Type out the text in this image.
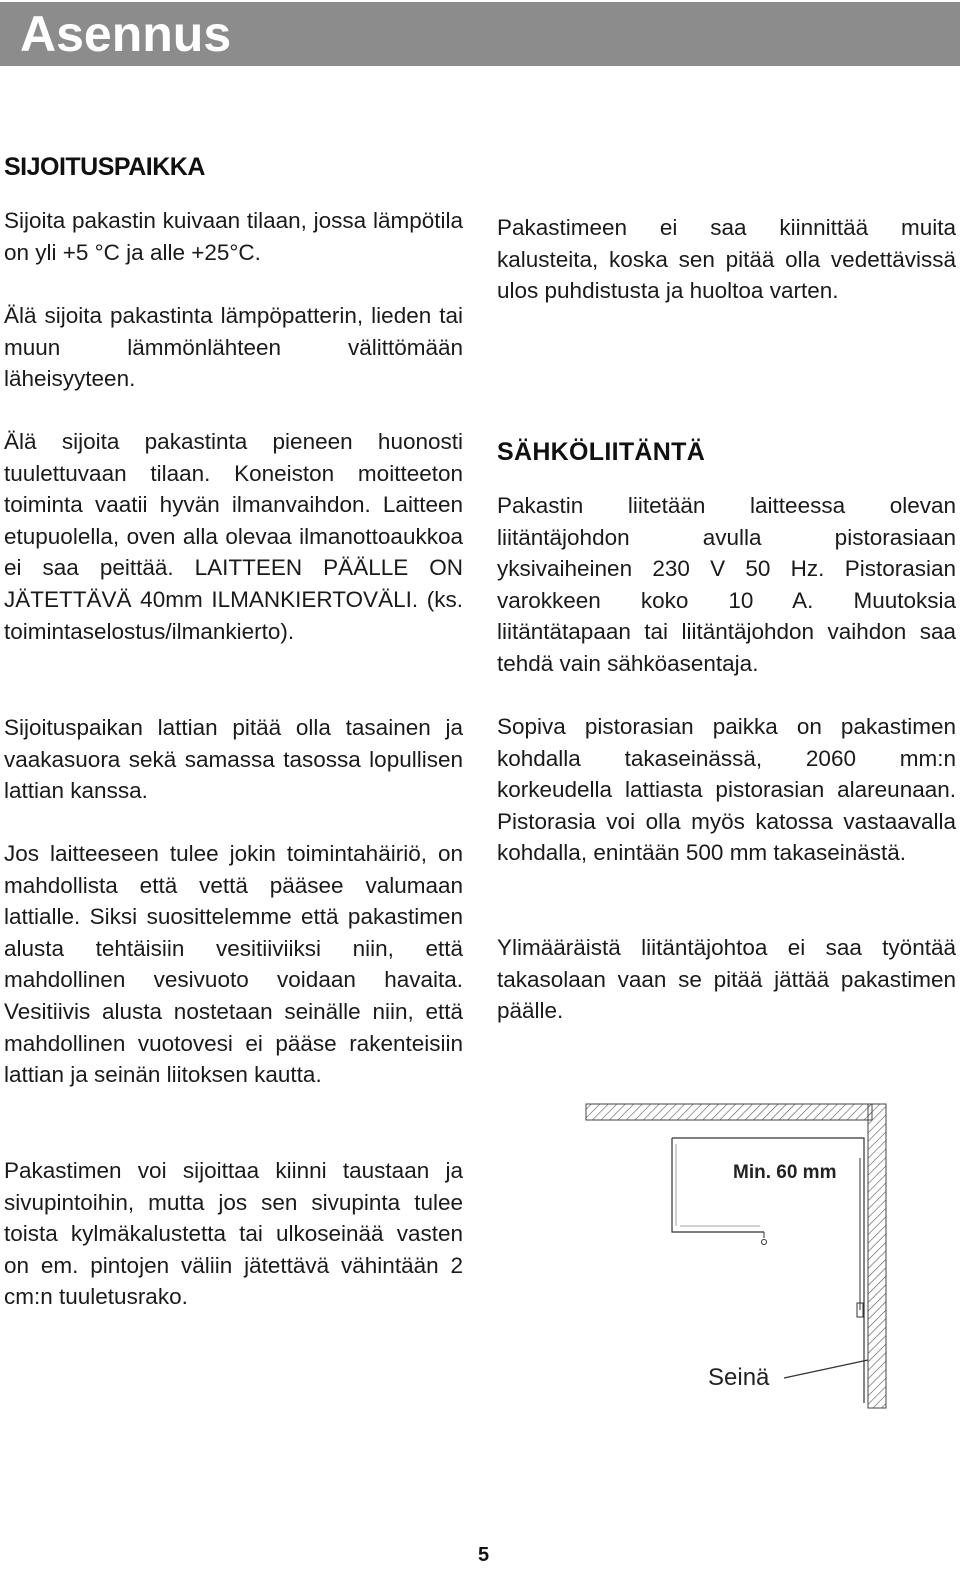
Asennus
SIJOITUSPAIKKA
Sijoita pakastin kuivaan tilaan, jossa lämpötila on yli +5 °C ja alle +25°C.
Älä sijoita pakastinta lämpöpatterin, lieden tai muun lämmönlähteen välittömään läheisyyteen.
Älä sijoita pakastinta pieneen huonosti tuulettuvaan tilaan. Koneiston moitteeton toiminta vaatii hyvän ilmanvaihdon. Laitteen etupuolella, oven alla olevaa ilmanottoaukkoa ei saa peittää. LAITTEEN PÄÄLLE ON JÄTETTÄVÄ 40mm ILMANKIERTOVÄLI. (ks. toimintaselostus/ilmankierto).
Sijoituspaikan lattian pitää olla tasainen ja vaakasuora sekä samassa tasossa lopullisen lattian kanssa.
Jos laitteeseen tulee jokin toimintahäiriö, on mahdollista että vettä pääsee valumaan lattialle. Siksi suosittelemme että pakastimen alusta tehtäisiin vesitiiviiksi niin, että mahdollinen vesivuoto voidaan havaita. Vesitiivis alusta nostetaan seinälle niin, että mahdollinen vuotovesi ei pääse rakenteisiin lattian ja seinän liitoksen kautta.
Pakastimen voi sijoittaa kiinni taustaan ja sivupintoihin, mutta jos sen sivupinta tulee toista kylmäkalustetta tai ulkoseinää vasten on em. pintojen väliin jätettävä vähintään 2 cm:n tuuletusrako.
Pakastimeen ei saa kiinnittää muita kalusteita, koska sen pitää olla vedettävissä ulos puhdistusta ja huoltoa varten.
SÄHKÖLIITÄNTÄ
Pakastin liitetään laitteessa olevan liitäntäjohdon avulla pistorasiaan yksivaiheinen 230 V 50 Hz. Pistorasian varokkeen koko 10 A. Muutoksia liitäntätapaan tai liitäntäjohdon vaihdon saa tehdä vain sähköasentaja.
Sopiva pistorasian paikka on pakastimen kohdalla takaseinässä, 2060 mm:n korkeudella lattiasta pistorasian alareunaan. Pistorasia voi olla myös katossa vastaavalla kohdalla, enintään 500 mm takaseinästä.
Ylimääräistä liitäntäjohtoa ei saa työntää takasolaan vaan se pitää jättää pakastimen päälle.
Min. 60 mm
Seinä
5
